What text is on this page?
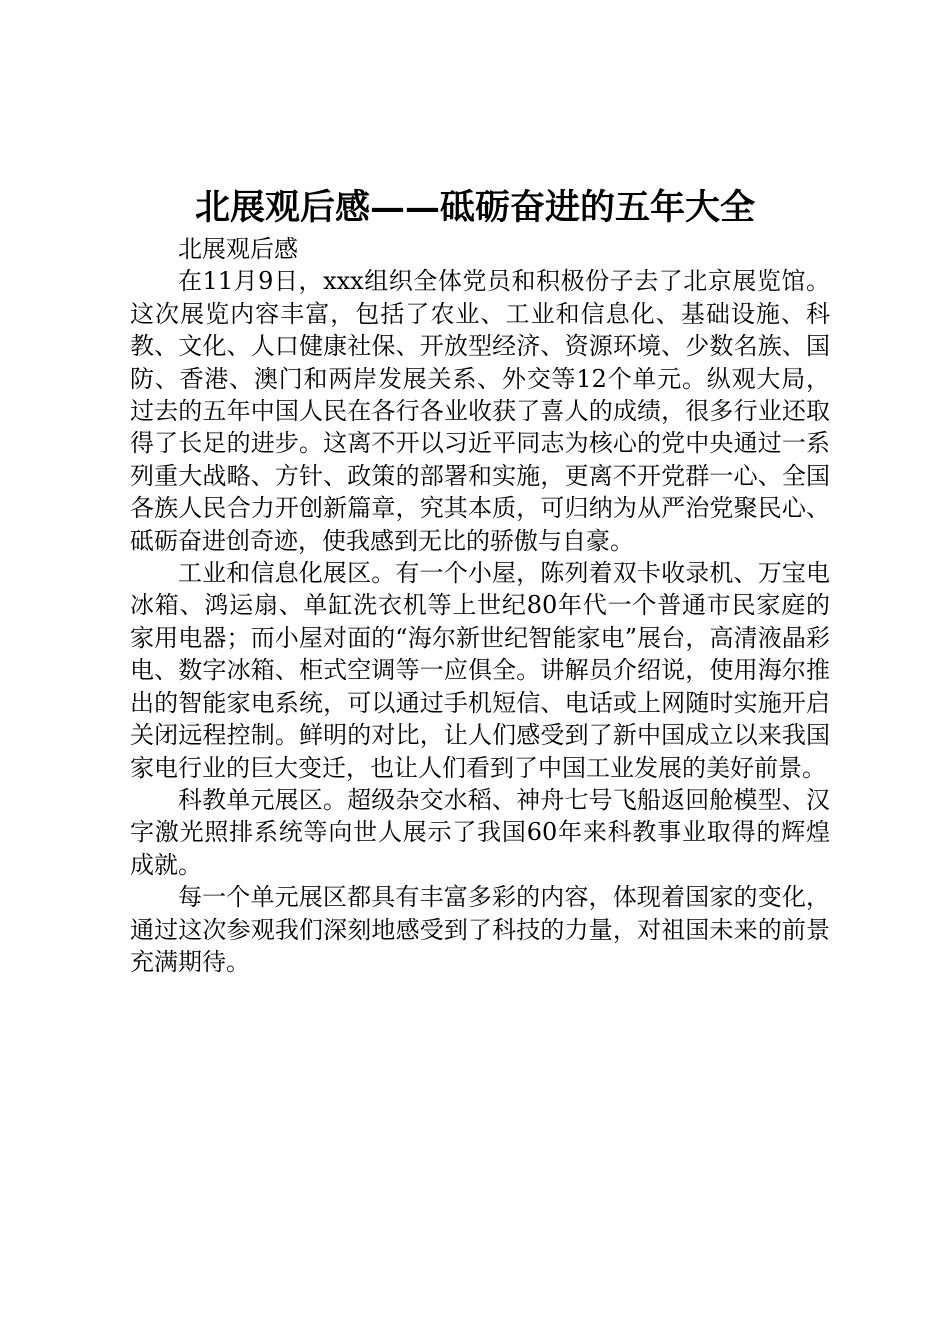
北展观后感——砥砺奋进的五年大全

北展观后感

在11月9日，xxx组织全体党员和积极份子去了北京展览馆。这次展览内容丰富，包括了农业、工业和信息化、基础设施、科教、文化、人口健康社保、开放型经济、资源环境、少数名族、国防、香港、澳门和两岸发展关系、外交等12个单元。纵观大局，过去的五年中国人民在各行各业收获了喜人的成绩，很多行业还取得了长足的进步。这离不开以习近平同志为核心的党中央通过一系列重大战略、方针、政策的部署和实施，更离不开党群一心、全国各族人民合力开创新篇章，究其本质，可归纳为从严治党聚民心、砥砺奋进创奇迹，使我感到无比的骄傲与自豪。

工业和信息化展区。有一个小屋，陈列着双卡收录机、万宝电冰箱、鸿运扇、单缸洗衣机等上世纪80年代一个普通市民家庭的家用电器；而小屋对面的“海尔新世纪智能家电”展台，高清液晶彩电、数字冰箱、柜式空调等一应俱全。讲解员介绍说，使用海尔推出的智能家电系统，可以通过手机短信、电话或上网随时实施开启关闭远程控制。鲜明的对比，让人们感受到了新中国成立以来我国家电行业的巨大变迁，也让人们看到了中国工业发展的美好前景。

科教单元展区。超级杂交水稻、神舟七号飞船返回舱模型、汉字激光照排系统等向世人展示了我国60年来科教事业取得的辉煌成就。

每一个单元展区都具有丰富多彩的内容，体现着国家的变化，通过这次参观我们深刻地感受到了科技的力量，对祖国未来的前景充满期待。
